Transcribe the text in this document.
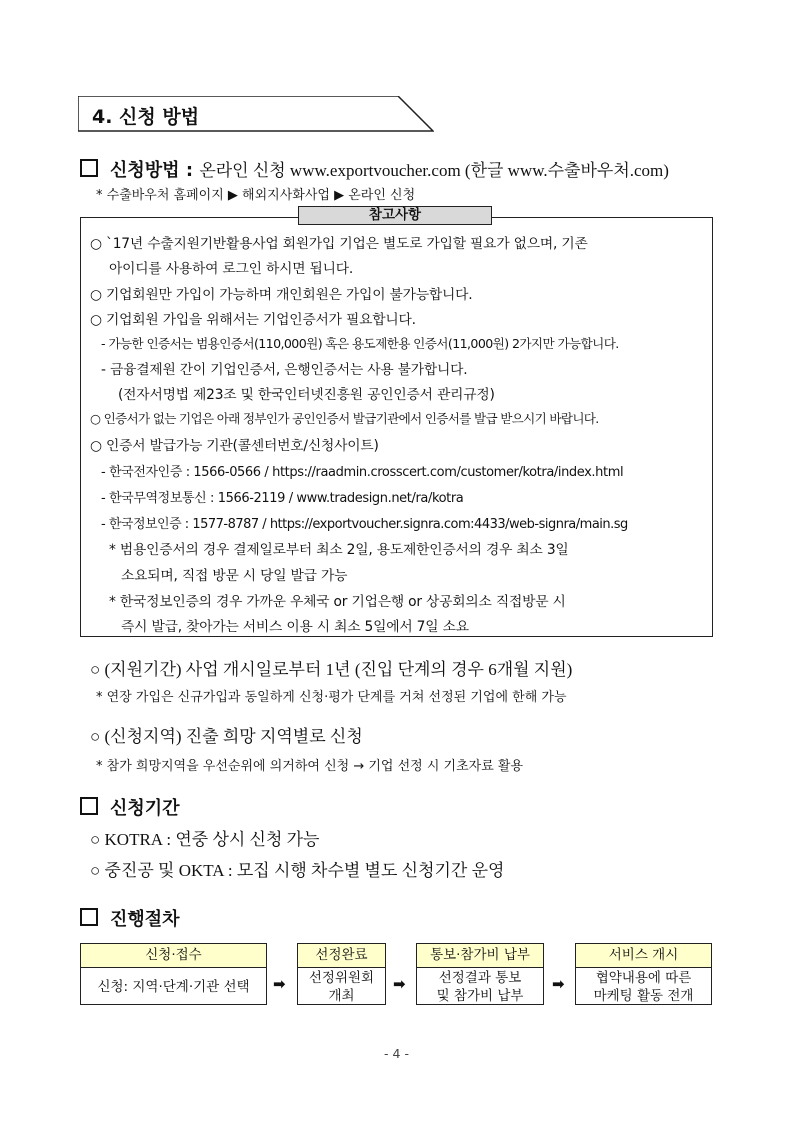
4. 신청 방법
신청방법 : 온라인 신청 www.exportvoucher.com (한글 www.수출바우처.com)
* 수출바우처 홈페이지 ▶ 해외지사화사업 ▶ 온라인 신청
참고사항
○ `17년 수출지원기반활용사업 회원가입 기업은 별도로 가입할 필요가 없으며, 기존
아이디를 사용하여 로그인 하시면 됩니다.
○ 기업회원만 가입이 가능하며 개인회원은 가입이 불가능합니다.
○ 기업회원 가입을 위해서는 기업인증서가 필요합니다.
- 가능한 인증서는 범용인증서(110,000원) 혹은 용도제한용 인증서(11,000원) 2가지만 가능합니다.
- 금융결제원 간이 기업인증서, 은행인증서는 사용 불가합니다.
(전자서명법 제23조 및 한국인터넷진흥원 공인인증서 관리규정)
○ 인증서가 없는 기업은 아래 정부인가 공인인증서 발급기관에서 인증서를 발급 받으시기 바랍니다.
○ 인증서 발급가능 기관(콜센터번호/신청사이트)
- 한국전자인증 : 1566-0566 / https://raadmin.crosscert.com/customer/kotra/index.html
- 한국무역정보통신 : 1566-2119 / www.tradesign.net/ra/kotra
- 한국정보인증 : 1577-8787 / https://exportvoucher.signra.com:4433/web-signra/main.sg
* 범용인증서의 경우 결제일로부터 최소 2일, 용도제한인증서의 경우 최소 3일
소요되며, 직접 방문 시 당일 발급 가능
* 한국정보인증의 경우 가까운 우체국 or 기업은행 or 상공회의소 직접방문 시
즉시 발급, 찾아가는 서비스 이용 시 최소 5일에서 7일 소요
○ (지원기간) 사업 개시일로부터 1년 (진입 단계의 경우 6개월 지원)
* 연장 가입은 신규가입과 동일하게 신청·평가 단계를 거쳐 선정된 기업에 한해 가능
○ (신청지역) 진출 희망 지역별로 신청
* 참가 희망지역을 우선순위에 의거하여 신청 → 기업 선정 시 기초자료 활용
신청기간
○ KOTRA : 연중 상시 신청 가능
○ 중진공 및 OKTA : 모집 시행 차수별 별도 신청기간 운영
진행절차
신청·접수
신청: 지역·단계·기관 선택	➡
선정완료
선정위원회
개최
➡
통보·참가비 납부
선정결과 통보
및 참가비 납부
➡
서비스 개시
협약내용에 따른
마케팅 활동 전개
- 4 -
